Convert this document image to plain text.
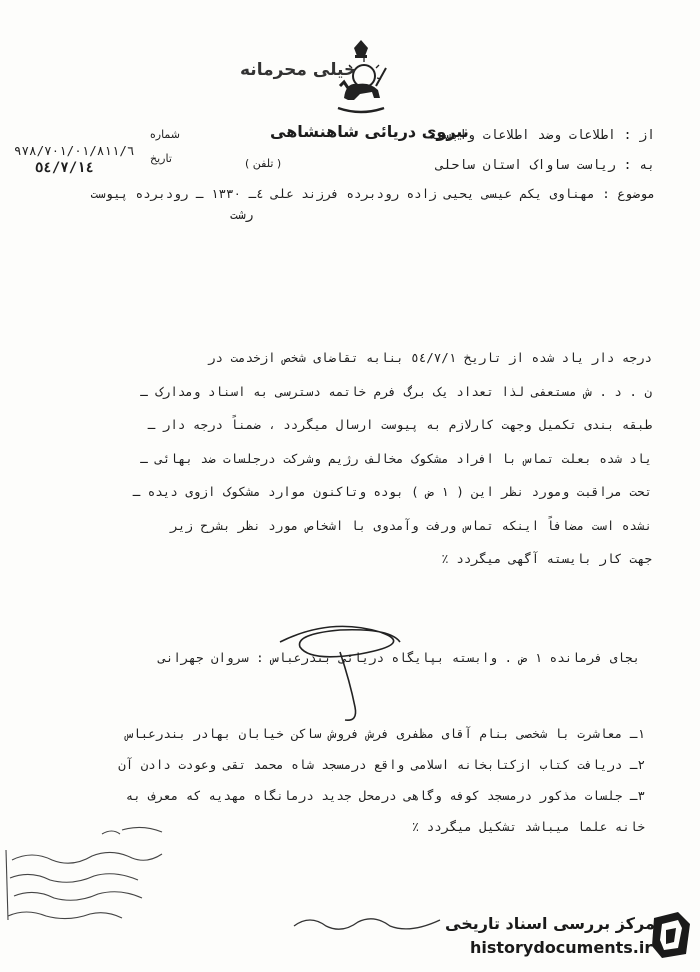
خیلی محرمانه
نیروی دریائی شاهنشاهی
( تلفن )
از : اطلاعات وضد اطلاعات وابسته
به : ریاست ساواک استان ساحلی
موضوع : مهناوی یکم عیسی یحیی زاده رودبرده فرزند علی ٤ـ ١٣٣٠ ـ رودبرده پیوست
رشت
شماره
٩٧٨/٧٠١/٠١/٨١١/٦
تاریخ
٥٤/٧/١٤
درجه دار یاد شده از تاریخ ٥٤/٧/١ بنابه تقاضای شخص ازخدمت در
ن . د . ش مستعفی لذا تعداد یک برگ فرم خاتمه دسترسی به اسناد ومدارک ـ
طبقه بندی تکمیل وجهت کارلازم به پیوست ارسال میگردد ، ضمناً درجه دار ـ
یاد شده بعلت تماس با افراد مشکوک مخالف رژیم وشرکت درجلسات ضد بهائی ـ
تحت مراقبت ومورد نظر این ( ١ ض ) بوده وتاکنون موارد مشکوک ازوی دیده ـ
نشده است مضافاً اینکه تماس ورفت وآمدوی با اشخاص مورد نظر بشرح زیر
جهت کار بایسته آگهی میگردد ٪
بجای فرمانده ١ ض . وابسته بپایگاه دریائی بندرعباس : سروان جهرانی
١ـ معاشرت با شخصی بنام آقای مظفری فرش فروش ساکن خیابان بهادر بندرعباس
٢ـ دریافت کتاب ازکتابخانه اسلامی واقع درمسجد شاه محمد تقی وعودت دادن آن
٣ـ جلسات مذکور درمسجد کوفه وگاهی درمحل جدید درمانگاه مهدیه که معرف به
خانه علما میباشد تشکیل میگردد ٪
مرکز بررسی اسناد تاریخی
historydocuments.ir
